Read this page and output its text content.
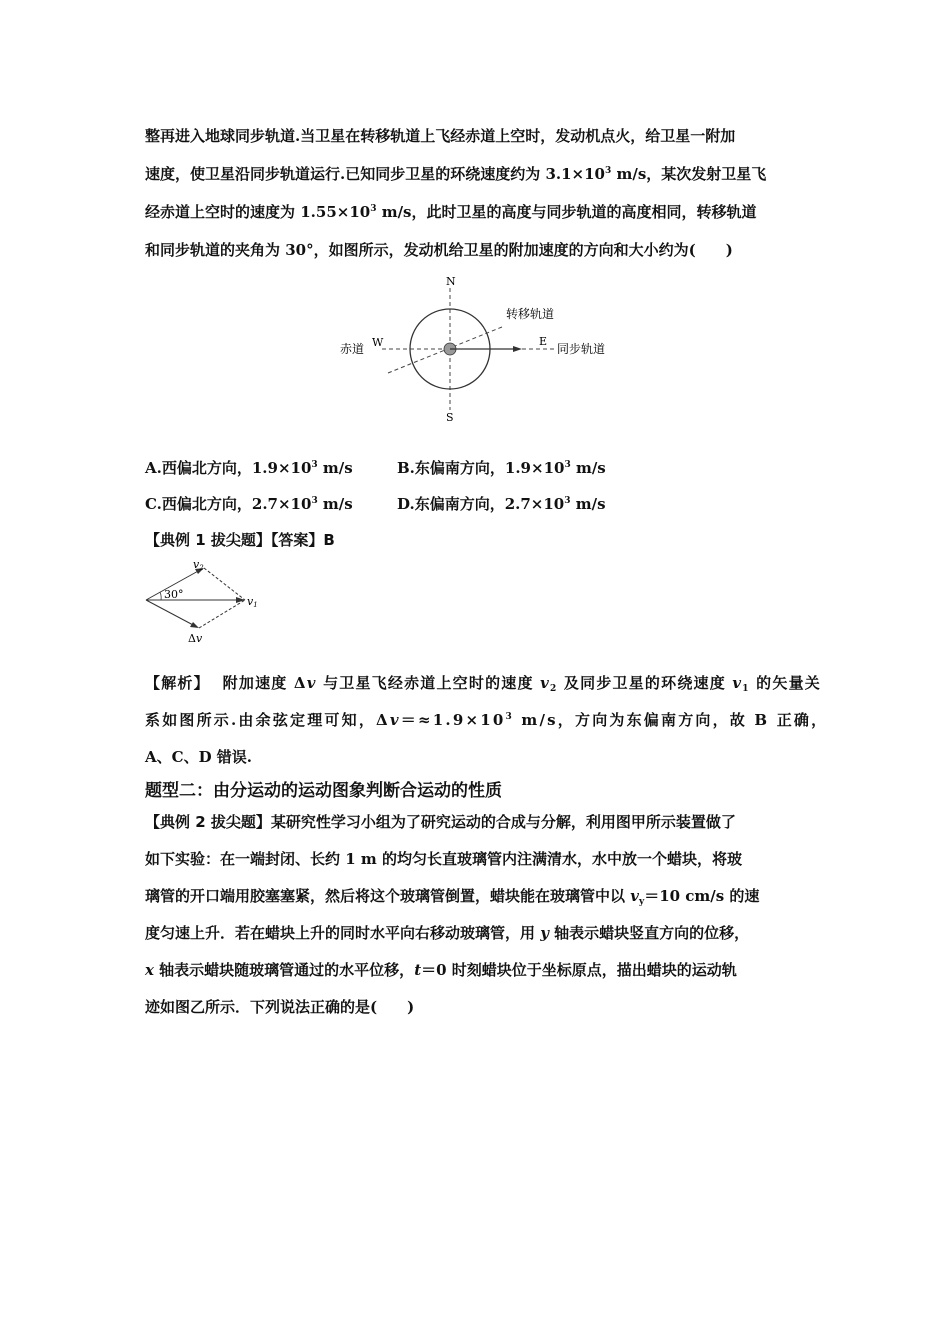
整再进入地球同步轨道.当卫星在转移轨道上飞经赤道上空时，发动机点火，给卫星一附加
速度，使卫星沿同步轨道运行.已知同步卫星的环绕速度约为 $3.1\times 10^3$ m/s，某次发射卫星飞
经赤道上空时的速度为 $1.55\times 10^3$ m/s，此时卫星的高度与同步轨道的高度相同，转移轨道
和同步轨道的夹角为 30°，如图所示，发动机给卫星的附加速度的方向和大小约为(　　)
N
S
W	E
赤道
转移轨道
同步轨道
A.西偏北方向，$1.9\times 10^3$ m/s	B.东偏南方向，$1.9\times 10^3$ m/s
C.西偏北方向，$2.7\times 10^3$ m/s	D.东偏南方向，$2.7\times 10^3$ m/s
【典例 1 拔尖题】【答案】B
v2
v1
30°
Δv
【解析】 附加速度 Δv 与卫星飞经赤道上空时的速度 $v_2$ 及同步卫星的环绕速度 $v_1$ 的矢量关
系如图所示.由余弦定理可知，$\Delta v=\approx 1.9\times 10^3$ m/s，方向为东偏南方向，故 B 正确，
A、C、D 错误.
题型二：由分运动的运动图象判断合运动的性质
【典例 2 拔尖题】某研究性学习小组为了研究运动的合成与分解，利用图甲所示装置做了
如下实验：在一端封闭、长约 1 m 的均匀长直玻璃管内注满清水，水中放一个蜡块，将玻
璃管的开口端用胶塞塞紧，然后将这个玻璃管倒置，蜡块能在玻璃管中以 $v_y=10$ cm/s 的速
度匀速上升．若在蜡块上升的同时水平向右移动玻璃管，用 y 轴表示蜡块竖直方向的位移，
x 轴表示蜡块随玻璃管通过的水平位移，t＝0 时刻蜡块位于坐标原点，描出蜡块的运动轨
迹如图乙所示．下列说法正确的是(　　)
